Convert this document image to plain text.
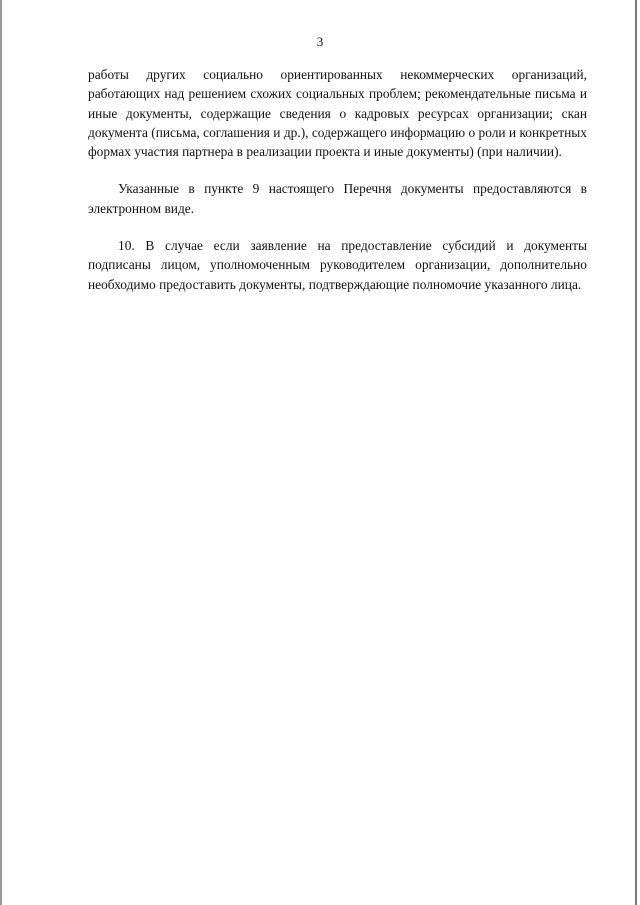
3

работы других социально ориентированных некоммерческих организаций, работающих над решением схожих социальных проблем; рекомендательные письма и иные документы, содержащие сведения о кадровых ресурсах организации; скан документа (письма, соглашения и др.), содержащего информацию о роли и конкретных формах участия партнера в реализации проекта и иные документы) (при наличии).

Указанные в пункте 9 настоящего Перечня документы предоставляются в электронном виде.

10. В случае если заявление на предоставление субсидий и документы подписаны лицом, уполномоченным руководителем организации, дополнительно необходимо предоставить документы, подтверждающие полномочие указанного лица.
